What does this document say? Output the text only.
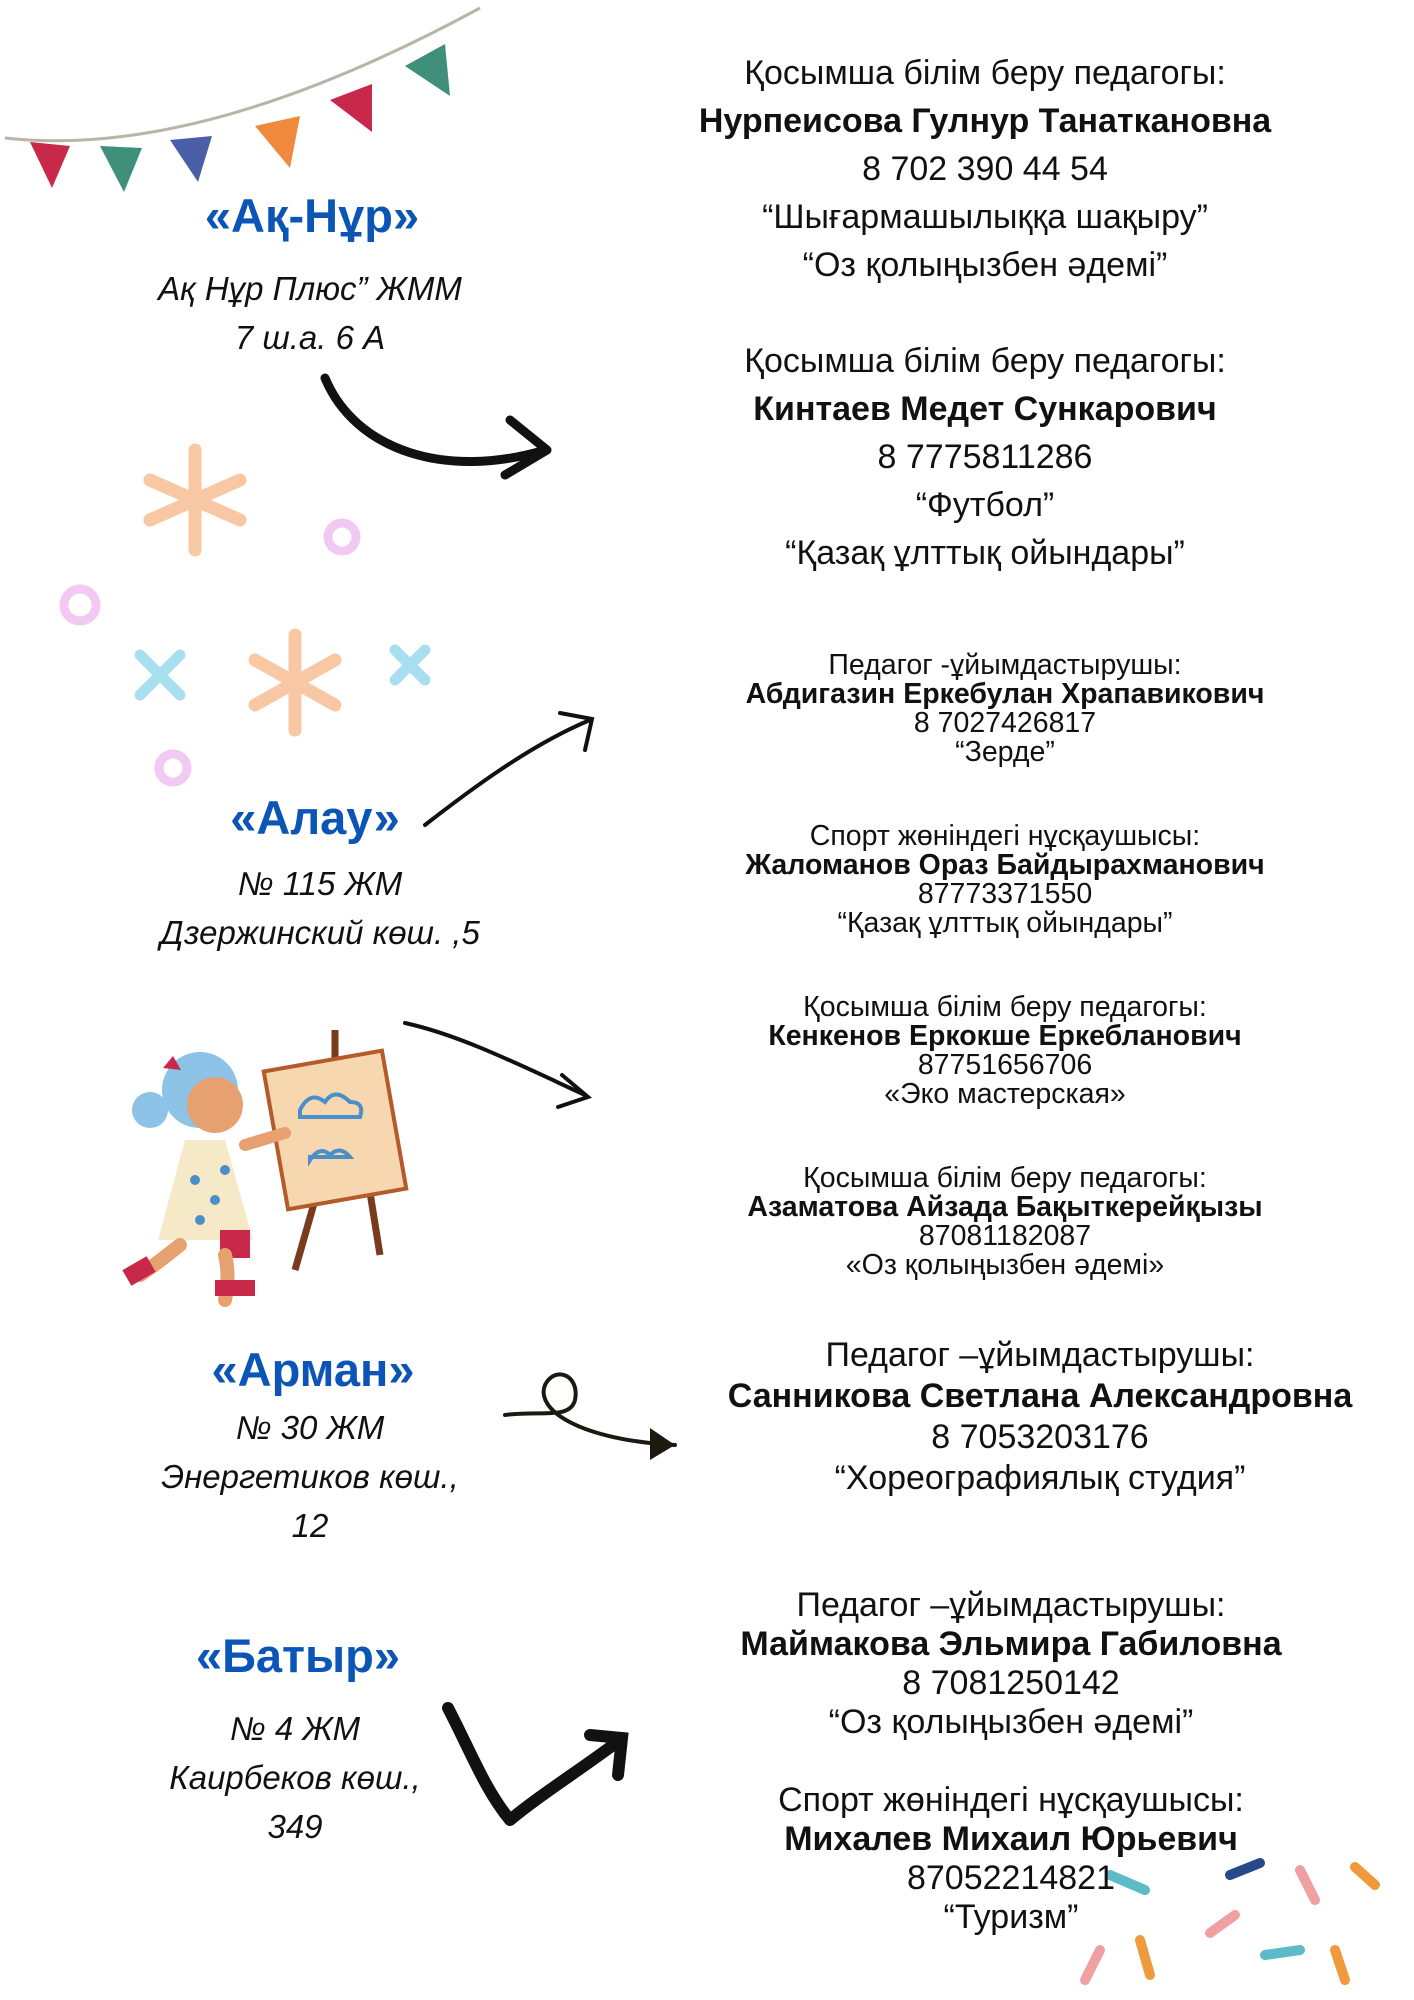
«Ақ-Нұр»
Ақ Нұр Плюс” ЖММ
7 ш.а. 6 А
«Алау»
№ 115 ЖМ
Дзержинский көш. ,5
«Арман»
№ 30 ЖМ
Энергетиков көш.,
12
«Батыр»
№ 4 ЖМ
Каирбеков көш.,
349
Қосымша білім беру педагогы:
Нурпеисова Гулнур Танаткановна
8 702 390 44 54
“Шығармашылыққа шақыру”
“Оз қолыңызбен әдемі”
Қосымша білім беру педагогы:
Кинтаев Медет Сункарович
8 7775811286
“Футбол”
“Қазақ ұлттық ойындары”
Педагог -ұйымдастырушы:
Абдигазин Еркебулан Храпавикович
8 7027426817
“Зерде”
Спорт жөніндегі нұсқаушысы:
Жаломанов Ораз Байдырахманович
87773371550
“Қазақ ұлттық ойындары”
Қосымша білім беру педагогы:
Кенкенов Еркокше Еркебланович
87751656706
«Эко мастерская»
Қосымша білім беру педагогы:
Азаматова Айзада Бақыткерейқызы
87081182087
«Оз қолыңызбен әдемі»
Педагог –ұйымдастырушы:
Санникова Светлана Александровна
8 7053203176
“Хореографиялық студия”
Педагог –ұйымдастырушы:
Маймакова Эльмира Габиловна
8 7081250142
“Оз қолыңызбен әдемі”
Спорт жөніндегі нұсқаушысы:
Михалев Михаил Юрьевич
87052214821
“Туризм”
